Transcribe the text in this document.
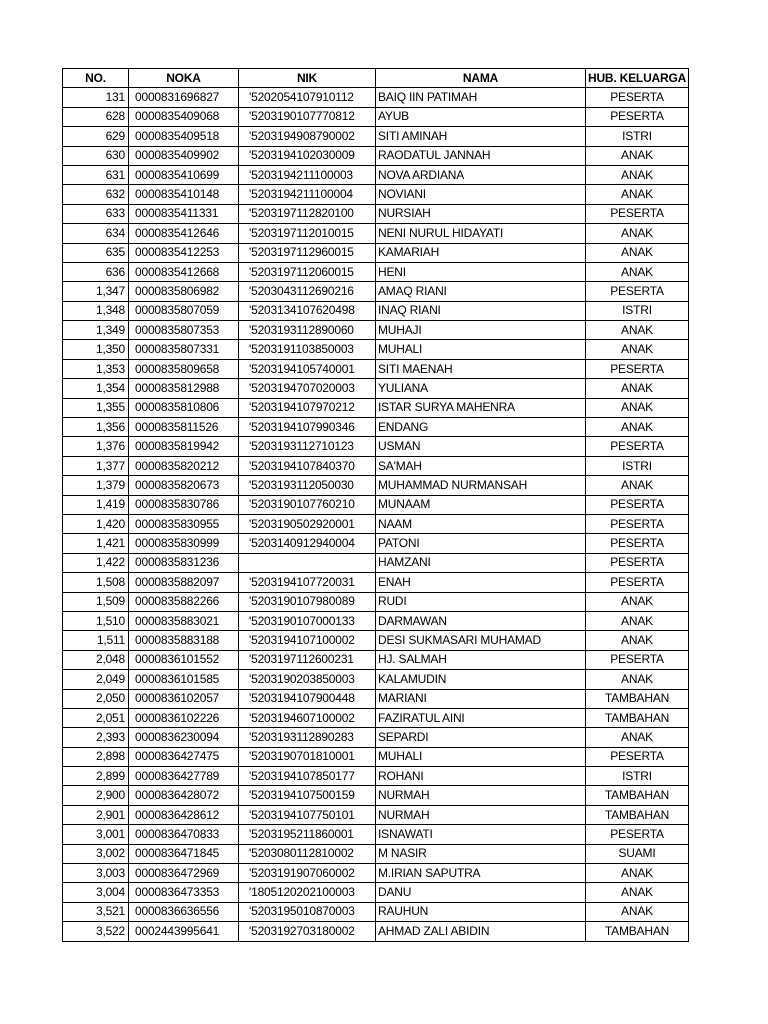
NO.	NOKA	NIK	NAMA	HUB. KELUARGA
131	0000831696827	'5202054107910112	BAIQ IIN PATIMAH	PESERTA
628	0000835409068	'5203190107770812	AYUB	PESERTA
629	0000835409518	'5203194908790002	SITI AMINAH	ISTRI
630	0000835409902	'5203194102030009	RAODATUL JANNAH	ANAK
631	0000835410699	'5203194211100003	NOVA ARDIANA	ANAK
632	0000835410148	'5203194211100004	NOVIANI	ANAK
633	0000835411331	'5203197112820100	NURSIAH	PESERTA
634	0000835412646	'5203197112010015	NENI NURUL HIDAYATI	ANAK
635	0000835412253	'5203197112960015	KAMARIAH	ANAK
636	0000835412668	'5203197112060015	HENI	ANAK
1,347	0000835806982	'5203043112690216	AMAQ RIANI	PESERTA
1,348	0000835807059	'5203134107620498	INAQ RIANI	ISTRI
1,349	0000835807353	'5203193112890060	MUHAJI	ANAK
1,350	0000835807331	'5203191103850003	MUHALI	ANAK
1,353	0000835809658	'5203194105740001	SITI MAENAH	PESERTA
1,354	0000835812988	'5203194707020003	YULIANA	ANAK
1,355	0000835810806	'5203194107970212	ISTAR SURYA MAHENRA	ANAK
1,356	0000835811526	'5203194107990346	ENDANG	ANAK
1,376	0000835819942	'5203193112710123	USMAN	PESERTA
1,377	0000835820212	'5203194107840370	SA'MAH	ISTRI
1,379	0000835820673	'5203193112050030	MUHAMMAD NURMANSAH	ANAK
1,419	0000835830786	'5203190107760210	MUNAAM	PESERTA
1,420	0000835830955	'5203190502920001	NAAM	PESERTA
1,421	0000835830999	'5203140912940004	PATONI	PESERTA
1,422	0000835831236		HAMZANI	PESERTA
1,508	0000835882097	'5203194107720031	ENAH	PESERTA
1,509	0000835882266	'5203190107980089	RUDI	ANAK
1,510	0000835883021	'5203190107000133	DARMAWAN	ANAK
1,511	0000835883188	'5203194107100002	DESI SUKMASARI MUHAMAD	ANAK
2,048	0000836101552	'5203197112600231	HJ. SALMAH	PESERTA
2,049	0000836101585	'5203190203850003	KALAMUDIN	ANAK
2,050	0000836102057	'5203194107900448	MARIANI	TAMBAHAN
2,051	0000836102226	'5203194607100002	FAZIRATUL AINI	TAMBAHAN
2,393	0000836230094	'5203193112890283	SEPARDI	ANAK
2,898	0000836427475	'5203190701810001	MUHALI	PESERTA
2,899	0000836427789	'5203194107850177	ROHANI	ISTRI
2,900	0000836428072	'5203194107500159	NURMAH	TAMBAHAN
2,901	0000836428612	'5203194107750101	NURMAH	TAMBAHAN
3,001	0000836470833	'5203195211860001	ISNAWATI	PESERTA
3,002	0000836471845	'5203080112810002	M NASIR	SUAMI
3,003	0000836472969	'5203191907060002	M.IRIAN SAPUTRA	ANAK
3,004	0000836473353	'1805120202100003	DANU	ANAK
3,521	0000836636556	'5203195010870003	RAUHUN	ANAK
3,522	0002443995641	'5203192703180002	AHMAD ZALI ABIDIN	TAMBAHAN
